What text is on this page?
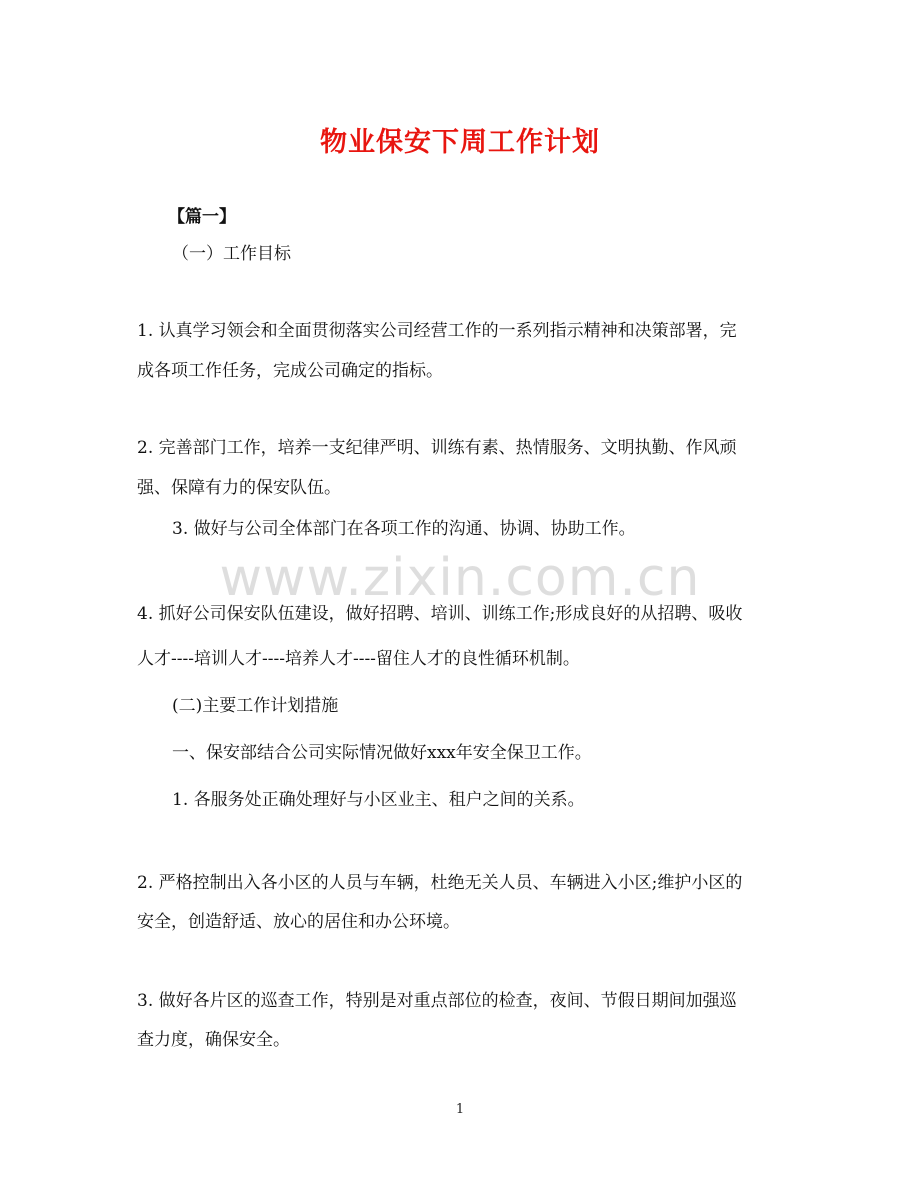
物业保安下周工作计划
【篇一】
（一）工作目标
1. 认真学习领会和全面贯彻落实公司经营工作的一系列指示精神和决策部署，完
成各项工作任务，完成公司确定的指标。
2. 完善部门工作，培养一支纪律严明、训练有素、热情服务、文明执勤、作风顽
强、保障有力的保安队伍。
3. 做好与公司全体部门在各项工作的沟通、协调、协助工作。
www.zixin.com.cn
4. 抓好公司保安队伍建设，做好招聘、培训、训练工作;形成良好的从招聘、吸收
人才----培训人才----培养人才----留住人才的良性循环机制。
(二)主要工作计划措施
一、保安部结合公司实际情况做好xxx年安全保卫工作。
1. 各服务处正确处理好与小区业主、租户之间的关系。
2. 严格控制出入各小区的人员与车辆，杜绝无关人员、车辆进入小区;维护小区的
安全，创造舒适、放心的居住和办公环境。
3. 做好各片区的巡查工作，特别是对重点部位的检查，夜间、节假日期间加强巡
查力度，确保安全。
1
